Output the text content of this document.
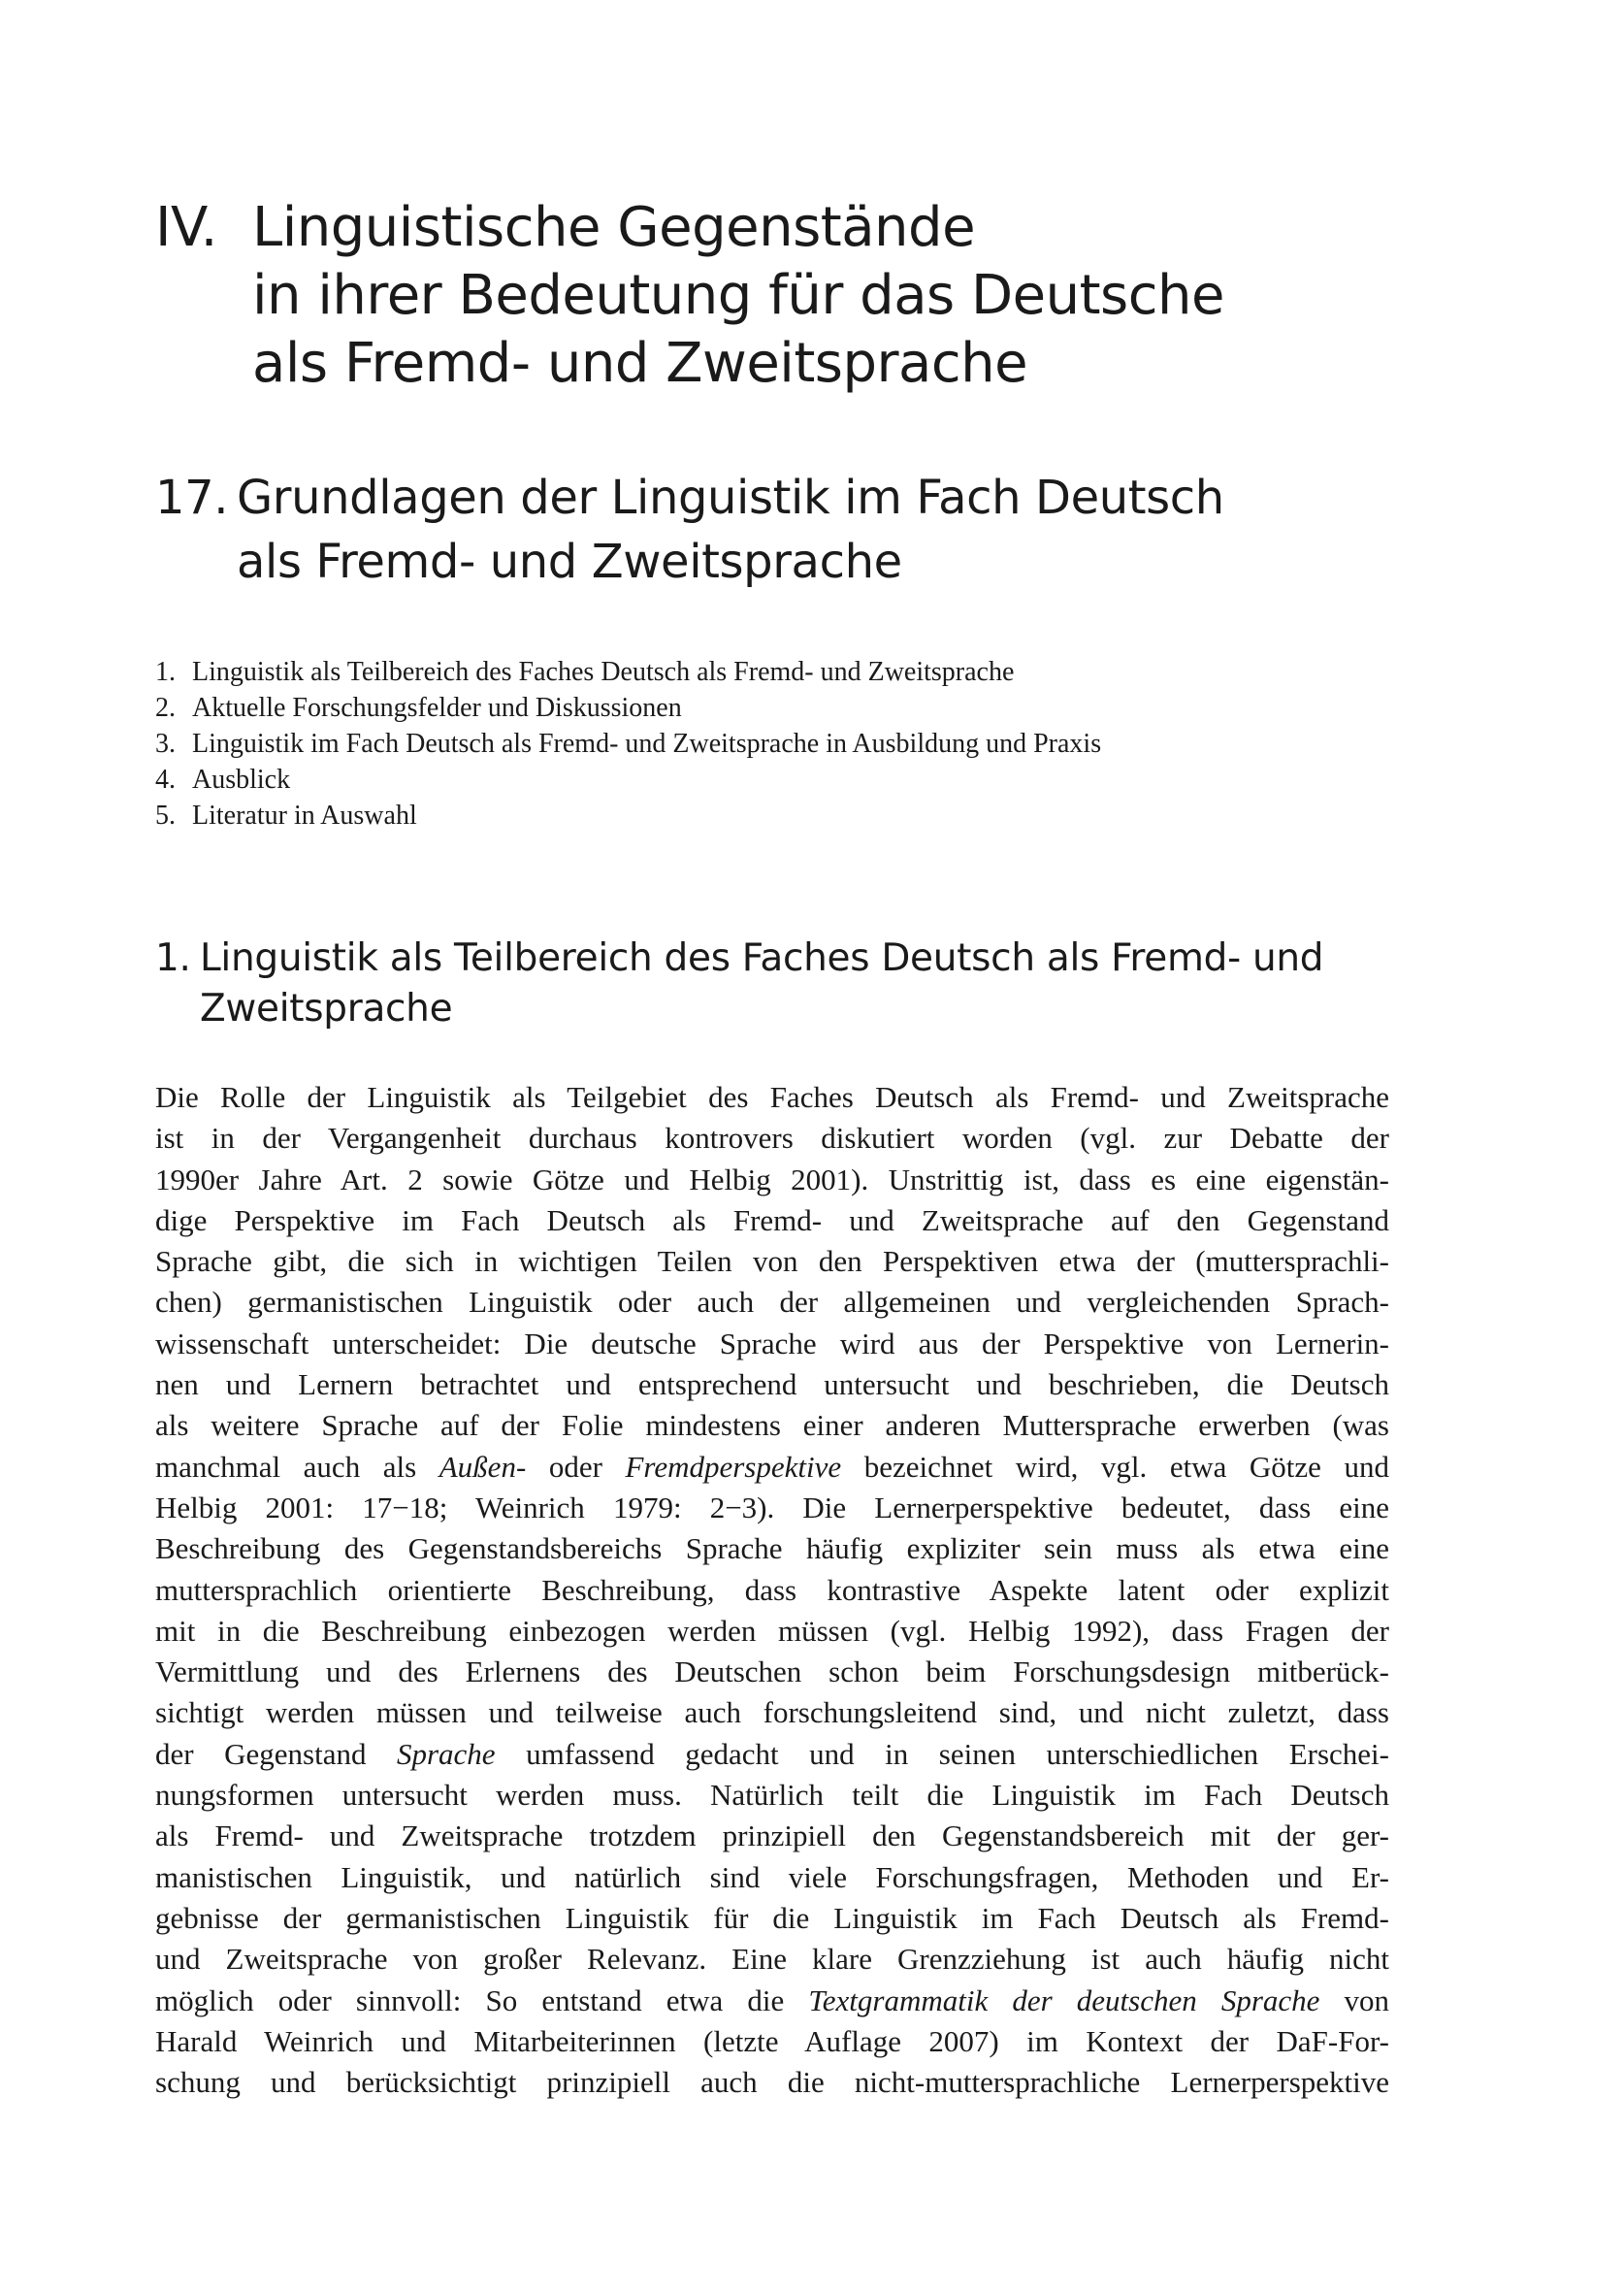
IV. Linguistische Gegenstände
in ihrer Bedeutung für das Deutsche
als Fremd- und Zweitsprache
17. Grundlagen der Linguistik im Fach Deutsch
als Fremd- und Zweitsprache
1. Linguistik als Teilbereich des Faches Deutsch als Fremd- und Zweitsprache
2. Aktuelle Forschungsfelder und Diskussionen
3. Linguistik im Fach Deutsch als Fremd- und Zweitsprache in Ausbildung und Praxis
4. Ausblick
5. Literatur in Auswahl
1. Linguistik als Teilbereich des Faches Deutsch als Fremd- und
Zweitsprache
Die Rolle der Linguistik als Teilgebiet des Faches Deutsch als Fremd- und Zweitsprache
ist in der Vergangenheit durchaus kontrovers diskutiert worden (vgl. zur Debatte der
1990er Jahre Art. 2 sowie Götze und Helbig 2001). Unstrittig ist, dass es eine eigenstän-
dige Perspektive im Fach Deutsch als Fremd- und Zweitsprache auf den Gegenstand
Sprache gibt, die sich in wichtigen Teilen von den Perspektiven etwa der (muttersprachli-
chen) germanistischen Linguistik oder auch der allgemeinen und vergleichenden Sprach-
wissenschaft unterscheidet: Die deutsche Sprache wird aus der Perspektive von Lernerin-
nen und Lernern betrachtet und entsprechend untersucht und beschrieben, die Deutsch
als weitere Sprache auf der Folie mindestens einer anderen Muttersprache erwerben (was
manchmal auch als Außen- oder Fremdperspektive bezeichnet wird, vgl. etwa Götze und
Helbig 2001: 17−18; Weinrich 1979: 2−3). Die Lernerperspektive bedeutet, dass eine
Beschreibung des Gegenstandsbereichs Sprache häufig expliziter sein muss als etwa eine
muttersprachlich orientierte Beschreibung, dass kontrastive Aspekte latent oder explizit
mit in die Beschreibung einbezogen werden müssen (vgl. Helbig 1992), dass Fragen der
Vermittlung und des Erlernens des Deutschen schon beim Forschungsdesign mitberück-
sichtigt werden müssen und teilweise auch forschungsleitend sind, und nicht zuletzt, dass
der Gegenstand Sprache umfassend gedacht und in seinen unterschiedlichen Erschei-
nungsformen untersucht werden muss. Natürlich teilt die Linguistik im Fach Deutsch
als Fremd- und Zweitsprache trotzdem prinzipiell den Gegenstandsbereich mit der ger-
manistischen Linguistik, und natürlich sind viele Forschungsfragen, Methoden und Er-
gebnisse der germanistischen Linguistik für die Linguistik im Fach Deutsch als Fremd-
und Zweitsprache von großer Relevanz. Eine klare Grenzziehung ist auch häufig nicht
möglich oder sinnvoll: So entstand etwa die Textgrammatik der deutschen Sprache von
Harald Weinrich und Mitarbeiterinnen (letzte Auflage 2007) im Kontext der DaF-For-
schung und berücksichtigt prinzipiell auch die nicht-muttersprachliche Lernerperspektive
